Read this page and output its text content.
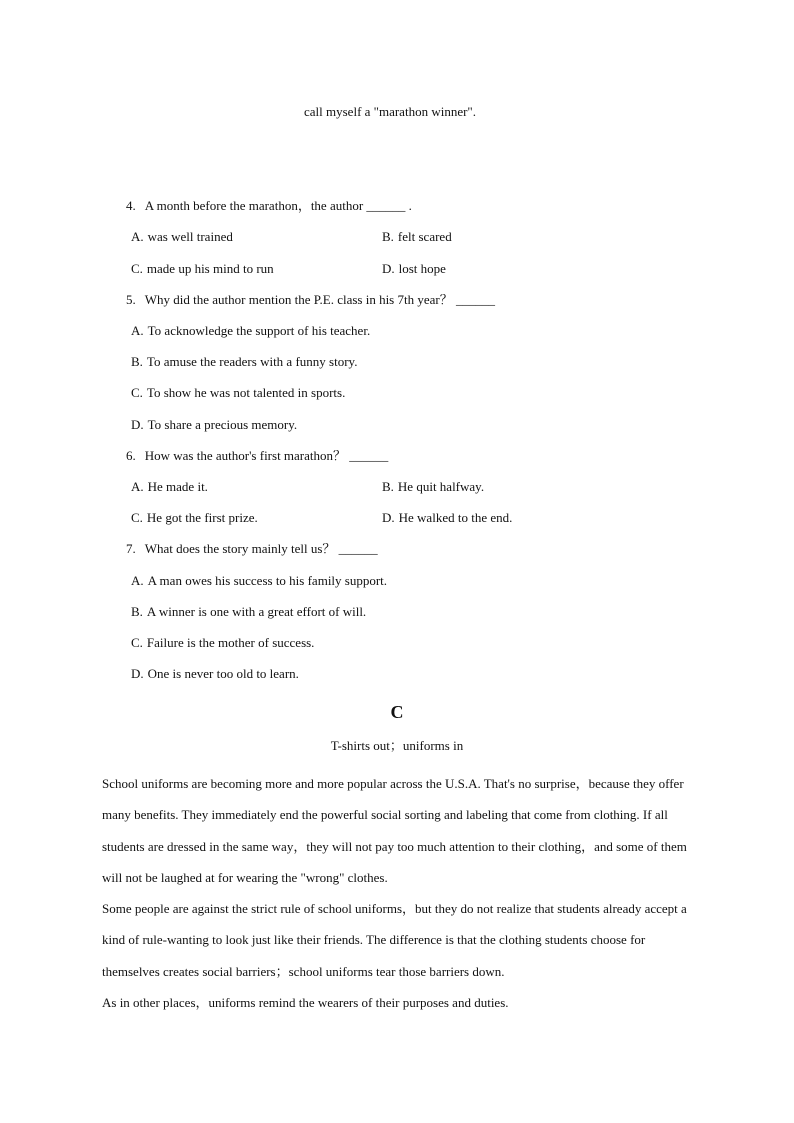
call myself a "marathon winner".
4. A month before the marathon，the author ______ .
A. was well trained	B. felt scared
C. made up his mind to run	D. lost hope
5. Why did the author mention the P.E. class in his 7th year？ ______
A. To acknowledge the support of his teacher.
B. To amuse the readers with a funny story.
C. To show he was not talented in sports.
D. To share a precious memory.
6. How was the author's first marathon？ ______
A. He made it.	B. He quit halfway.
C. He got the first prize.	D. He walked to the end.
7. What does the story mainly tell us？ ______
A. A man owes his success to his family support.
B. A winner is one with a great effort of will.
C. Failure is the mother of success.
D. One is never too old to learn.
C
T-shirts out；uniforms in

School uniforms are becoming more and more popular across the U.S.A. That's no surprise，because they offer many benefits. They immediately end the powerful social sorting and labeling that come from clothing. If all students are dressed in the same way，they will not pay too much attention to their clothing，and some of them will not be laughed at for wearing the "wrong" clothes.

Some people are against the strict rule of school uniforms，but they do not realize that students already accept a kind of rule-wanting to look just like their friends. The difference is that the clothing students choose for themselves creates social barriers；school uniforms tear those barriers down.

As in other places，uniforms remind the wearers of their purposes and duties.
